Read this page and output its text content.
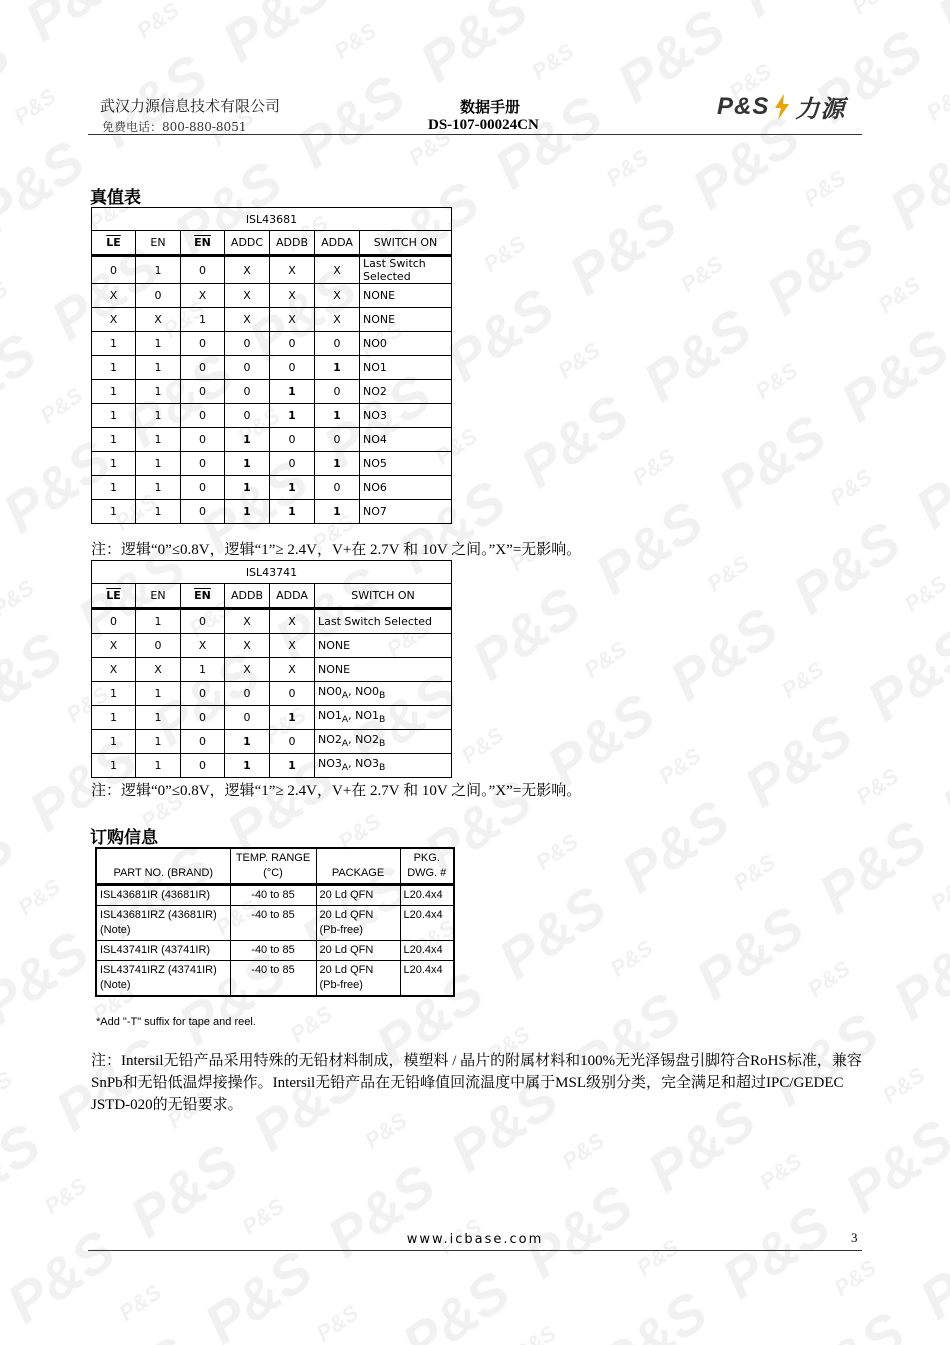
武汉力源信息技术有限公司
免费电话：800-880-8051
数据手册
DS-107-00024CN
P&S 力源
真值表
ISL43681						
$\overline{LE}$	EN	$\overline{EN}$	ADDC	ADDB	ADDA	SWITCH ON
0	1	0	X	X	X	Last Switch Selected
X	0	X	X	X	X	NONE
X	X	1	X	X	X	NONE
1	1	0	0	0	0	NO0
1	1	0	0	0	1	NO1
1	1	0	0	1	0	NO2
1	1	0	0	1	1	NO3
1	1	0	1	0	0	NO4
1	1	0	1	0	1	NO5
1	1	0	1	1	0	NO6
1	1	0	1	1	1	NO7
注：逻辑“0”≤0.8V，逻辑“1”≥ 2.4V，V+在 2.7V 和 10V 之间。”X”=无影响。
ISL43741					
$\overline{LE}$	EN	$\overline{EN}$	ADDB	ADDA	SWITCH ON
0	1	0	X	X	Last Switch Selected
X	0	X	X	X	NONE
X	X	1	X	X	NONE
1	1	0	0	0	$NO0_A$, $NO0_B$
1	1	0	0	1	$NO1_A$, $NO1_B$
1	1	0	1	0	$NO2_A$, $NO2_B$
1	1	0	1	1	$NO3_A$, $NO3_B$
注：逻辑“0”≤0.8V，逻辑“1”≥ 2.4V，V+在 2.7V 和 10V 之间。”X”=无影响。
订购信息
PART NO. (BRAND)	TEMP. RANGE (°C)	PACKAGE	PKG. DWG. #
ISL43681IR (43681IR)	-40 to 85	20 Ld QFN	L20.4x4
ISL43681IRZ (43681IR) (Note)	-40 to 85	20 Ld QFN (Pb-free)	L20.4x4
ISL43741IR (43741IR)	-40 to 85	20 Ld QFN	L20.4x4
ISL43741IRZ (43741IR) (Note)	-40 to 85	20 Ld QFN (Pb-free)	L20.4x4
*Add "-T" suffix for tape and reel.
注：Intersil无铅产品采用特殊的无铅材料制成，模塑料 / 晶片的附属材料和100%无光泽锡盘引脚符合RoHS标准，兼容SnPb和无铅低温焊接操作。Intersil无铅产品在无铅峰值回流温度中属于MSL级别分类，完全满足和超过IPC/GEDEC JSTD-020的无铅要求。
www.icbase.com	3
